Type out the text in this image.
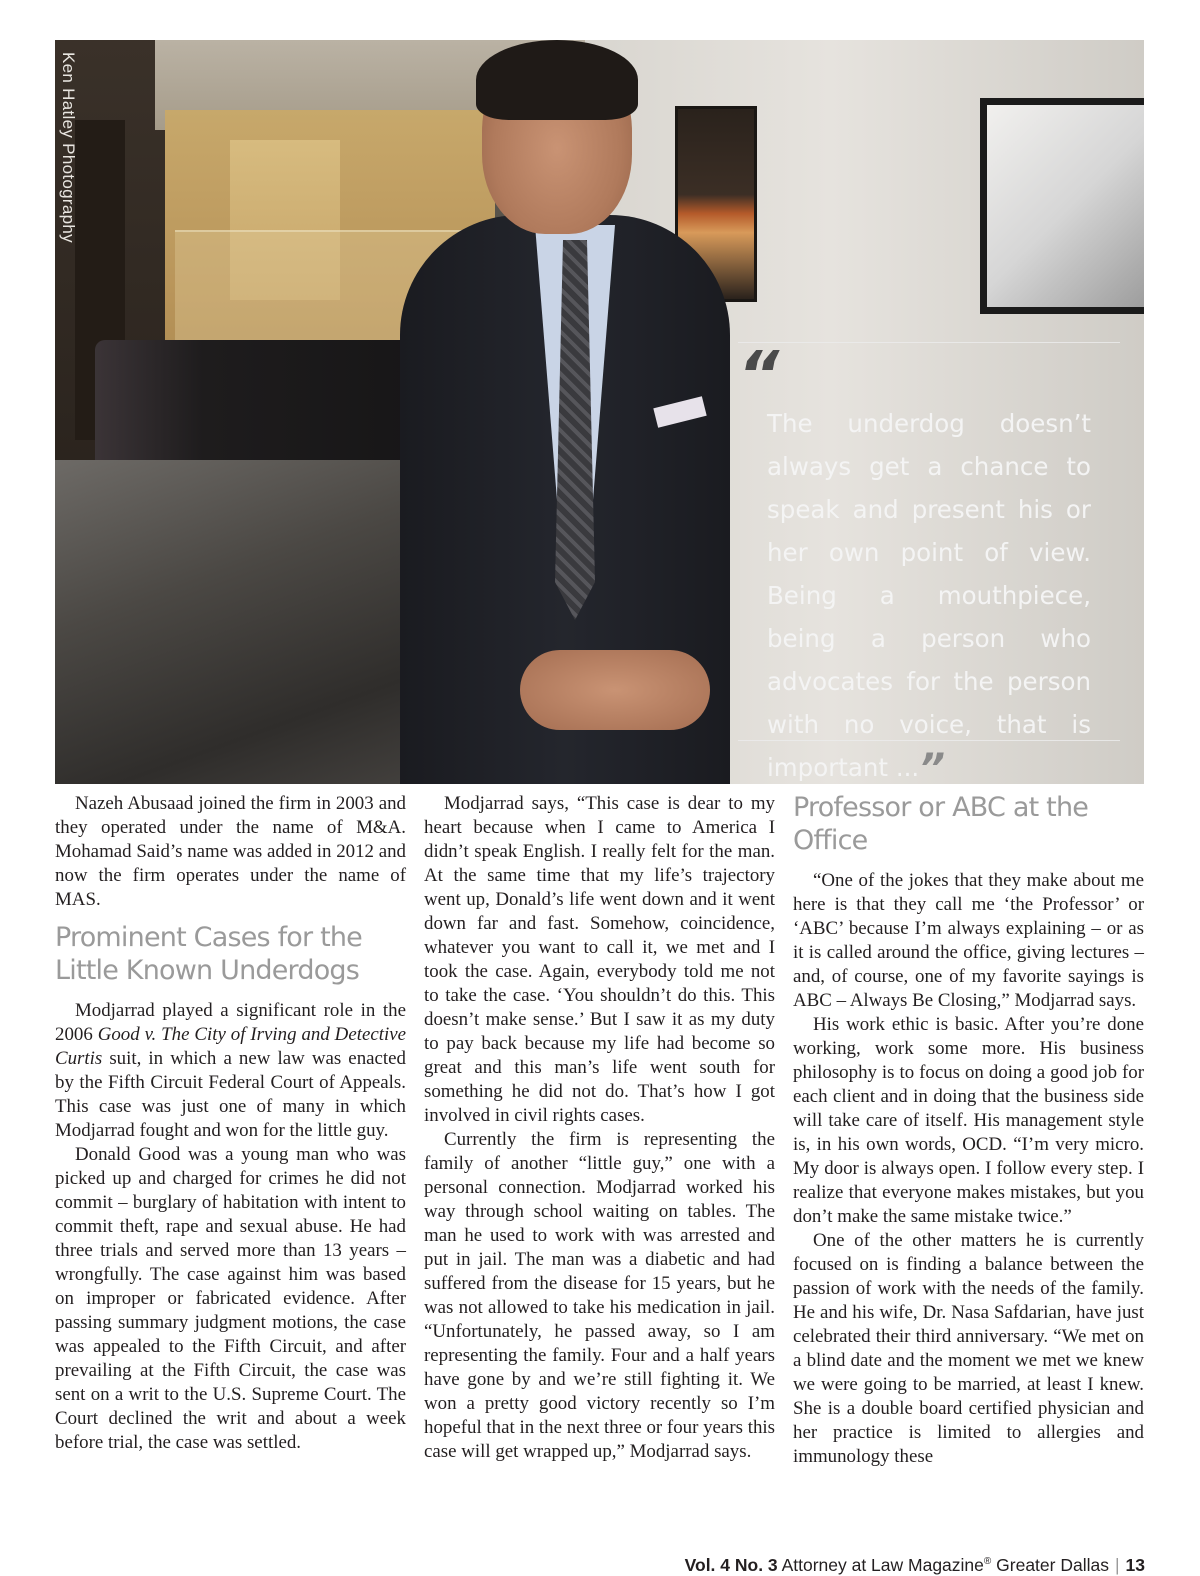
Ken Hatley Photography
“
The underdog doesn’t always get a chance to speak and present his or her own point of view. Being a mouthpiece, being a person who advocates for the person with no voice, that is important ...”

Nazeh Abusaad joined the firm in 2003 and they operated under the name of M&A. Mohamad Said’s name was added in 2012 and now the firm operates under the name of MAS.

Prominent Cases for the Little Known Underdogs

Modjarrad played a significant role in the 2006 Good v. The City of Irving and Detective Curtis suit, in which a new law was enacted by the Fifth Circuit Federal Court of Appeals. This case was just one of many in which Modjarrad fought and won for the little guy.

Donald Good was a young man who was picked up and charged for crimes he did not commit – burglary of habitation with intent to commit theft, rape and sexual abuse. He had three trials and served more than 13 years – wrongfully. The case against him was based on improper or fabricated evidence. After passing summary judgment motions, the case was appealed to the Fifth Circuit, and after prevailing at the Fifth Circuit, the case was sent on a writ to the U.S. Supreme Court. The Court declined the writ and about a week before trial, the case was settled.

Modjarrad says, “This case is dear to my heart because when I came to America I didn’t speak English. I really felt for the man. At the same time that my life’s trajectory went up, Donald’s life went down and it went down far and fast. Somehow, coincidence, whatever you want to call it, we met and I took the case. Again, everybody told me not to take the case. ‘You shouldn’t do this. This doesn’t make sense.’ But I saw it as my duty to pay back because my life had become so great and this man’s life went south for something he did not do. That’s how I got involved in civil rights cases.

Currently the firm is representing the family of another “little guy,” one with a personal connection. Modjarrad worked his way through school waiting on tables. The man he used to work with was arrested and put in jail. The man was a diabetic and had suffered from the disease for 15 years, but he was not allowed to take his medication in jail. “Unfortunately, he passed away, so I am representing the family. Four and a half years have gone by and we’re still fighting it. We won a pretty good victory recently so I’m hopeful that in the next three or four years this case will get wrapped up,” Modjarrad says.

Professor or ABC at the Office

“One of the jokes that they make about me here is that they call me ‘the Professor’ or ‘ABC’ because I’m always explaining – or as it is called around the office, giving lectures – and, of course, one of my favorite sayings is ABC – Always Be Closing,” Modjarrad says.

His work ethic is basic. After you’re done working, work some more. His business philosophy is to focus on doing a good job for each client and in doing that the business side will take care of itself. His management style is, in his own words, OCD. “I’m very micro. My door is always open. I follow every step. I realize that everyone makes mistakes, but you don’t make the same mistake twice.”

One of the other matters he is currently focused on is finding a balance between the passion of work with the needs of the family. He and his wife, Dr. Nasa Safdarian, have just celebrated their third anniversary. “We met on a blind date and the moment we met we knew we were going to be married, at least I knew. She is a double board certified physician and her practice is limited to allergies and immunology these

Vol. 4 No. 3 Attorney at Law Magazine® Greater Dallas | 13
